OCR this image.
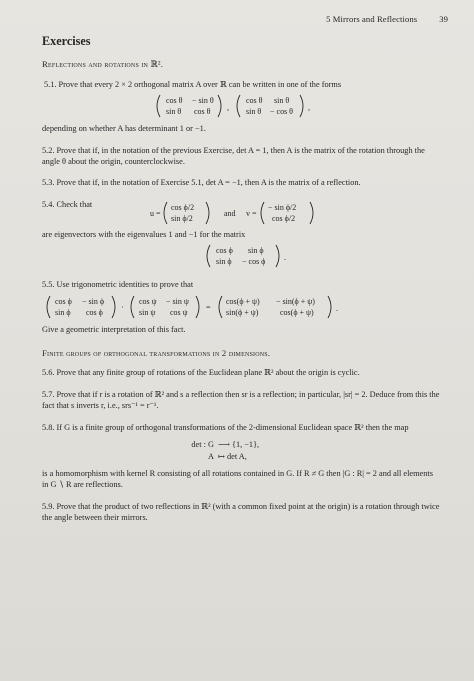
5 Mirrors and Reflections	39
Exercises
Reflections and rotations in ℝ².
5.1. Prove that every 2 × 2 orthogonal matrix A over ℝ can be written in one of the forms
cos θ − sin θ
sin θ cos θ ,
cos θ sin θ
sin θ − cos θ ,
depending on whether A has determinant 1 or −1.
5.2. Prove that if, in the notation of the previous Exercise, det A = 1, then A is the matrix of the rotation through the angle θ about the origin, counterclockwise.
5.3. Prove that if, in the notation of Exercise 5.1, det A = −1, then A is the matrix of a reflection.
5.4. Check that
u =
cos ϕ/2
sin ϕ/2
and v =
− sin ϕ/2
cos ϕ/2
are eigenvectors with the eigenvalues 1 and −1 for the matrix
cos ϕ sin ϕ
sin ϕ − cos ϕ .
5.5. Use trigonometric identities to prove that
cos ϕ − sin ϕ
sin ϕ cos ϕ
·
cos ψ − sin ψ
sin ψ cos ψ
=
cos(ϕ + ψ) − sin(ϕ + ψ)
sin(ϕ + ψ)	cos(ϕ + ψ)	.
Give a geometric interpretation of this fact.
Finite groups of orthogonal transformations in 2 dimensions.
5.6. Prove that any finite group of rotations of the Euclidean plane ℝ² about the origin is cyclic.
5.7. Prove that if r is a rotation of ℝ² and s a reflection then sr is a reflection; in particular, |sr| = 2. Deduce from this the fact that s inverts r, i.e., srs⁻¹ = r⁻¹.
5.8. If G is a finite group of orthogonal transformations of the 2-dimensional Euclidean space ℝ² then the map
det : G ⟶ {1, −1},
A ↦ det A,
is a homomorphism with kernel R consisting of all rotations contained in G. If R ≠ G then |G : R| = 2 and all elements in G ∖ R are reflections.
5.9. Prove that the product of two reflections in ℝ² (with a common fixed point at the origin) is a rotation through twice the angle between their mirrors.
